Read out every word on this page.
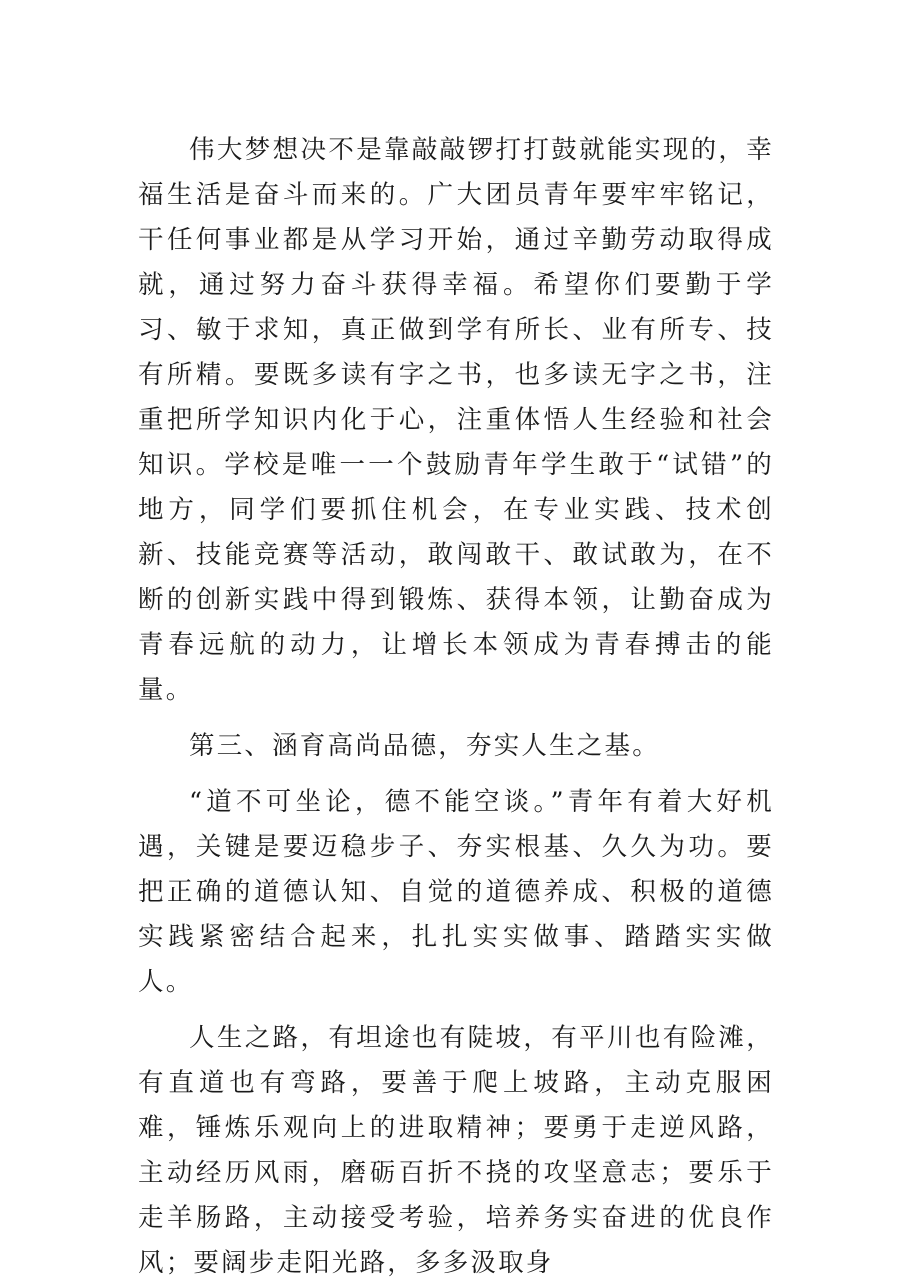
伟大梦想决不是靠敲敲锣打打鼓就能实现的，幸福生活是奋斗而来的。广大团员青年要牢牢铭记，干任何事业都是从学习开始，通过辛勤劳动取得成就，通过努力奋斗获得幸福。希望你们要勤于学习、敏于求知，真正做到学有所长、业有所专、技有所精。要既多读有字之书，也多读无字之书，注重把所学知识内化于心，注重体悟人生经验和社会知识。学校是唯一一个鼓励青年学生敢于“试错”的地方，同学们要抓住机会，在专业实践、技术创新、技能竞赛等活动，敢闯敢干、敢试敢为，在不断的创新实践中得到锻炼、获得本领，让勤奋成为青春远航的动力，让增长本领成为青春搏击的能量。

第三、涵育高尚品德，夯实人生之基。

“道不可坐论，德不能空谈。”青年有着大好机遇，关键是要迈稳步子、夯实根基、久久为功。要把正确的道德认知、自觉的道德养成、积极的道德实践紧密结合起来，扎扎实实做事、踏踏实实做人。

人生之路，有坦途也有陡坡，有平川也有险滩，有直道也有弯路，要善于爬上坡路，主动克服困难，锤炼乐观向上的进取精神；要勇于走逆风路，主动经历风雨，磨砺百折不挠的攻坚意志；要乐于走羊肠路，主动接受考验，培养务实奋进的优良作风；要阔步走阳光路，多多汲取身
